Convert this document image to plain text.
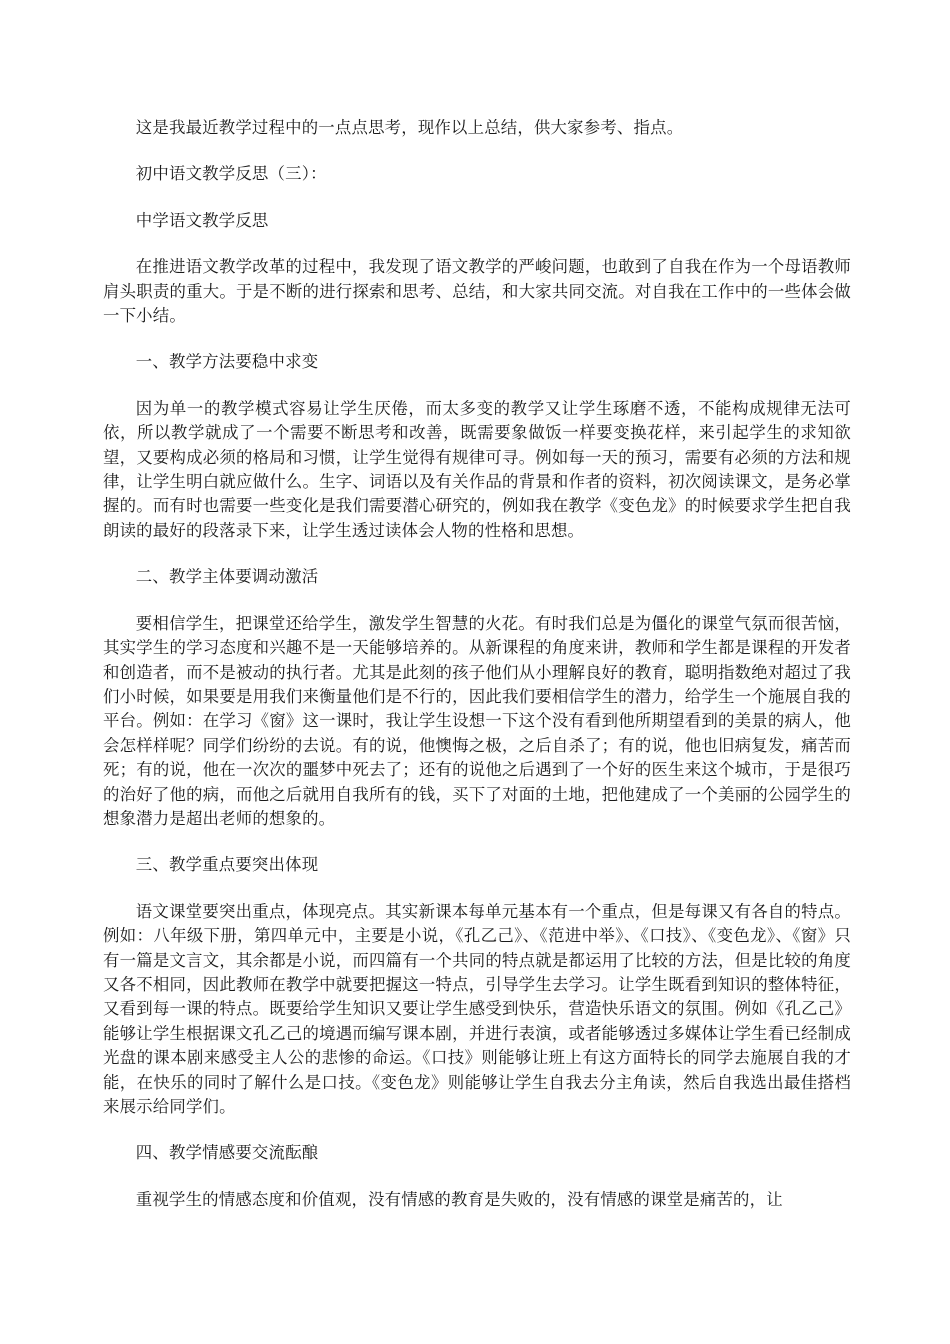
这是我最近教学过程中的一点点思考，现作以上总结，供大家参考、指点。

初中语文教学反思（三）：

中学语文教学反思

在推进语文教学改革的过程中，我发现了语文教学的严峻问题，也敢到了自我在作为一个母语教师肩头职责的重大。于是不断的进行探索和思考、总结，和大家共同交流。对自我在工作中的一些体会做一下小结。

一、教学方法要稳中求变

因为单一的教学模式容易让学生厌倦，而太多变的教学又让学生琢磨不透，不能构成规律无法可依，所以教学就成了一个需要不断思考和改善，既需要象做饭一样要变换花样，来引起学生的求知欲望，又要构成必须的格局和习惯，让学生觉得有规律可寻。例如每一天的预习，需要有必须的方法和规律，让学生明白就应做什么。生字、词语以及有关作品的背景和作者的资料，初次阅读课文，是务必掌握的。而有时也需要一些变化是我们需要潜心研究的，例如我在教学《变色龙》的时候要求学生把自我朗读的最好的段落录下来，让学生透过读体会人物的性格和思想。

二、教学主体要调动激活

要相信学生，把课堂还给学生，激发学生智慧的火花。有时我们总是为僵化的课堂气氛而很苦恼，其实学生的学习态度和兴趣不是一天能够培养的。从新课程的角度来讲，教师和学生都是课程的开发者和创造者，而不是被动的执行者。尤其是此刻的孩子他们从小理解良好的教育，聪明指数绝对超过了我们小时候，如果要是用我们来衡量他们是不行的，因此我们要相信学生的潜力，给学生一个施展自我的平台。例如：在学习《窗》这一课时，我让学生设想一下这个没有看到他所期望看到的美景的病人，他会怎样样呢？同学们纷纷的去说。有的说，他懊悔之极，之后自杀了；有的说，他也旧病复发，痛苦而死；有的说，他在一次次的噩梦中死去了；还有的说他之后遇到了一个好的医生来这个城市，于是很巧的治好了他的病，而他之后就用自我所有的钱，买下了对面的土地，把他建成了一个美丽的公园学生的想象潜力是超出老师的想象的。

三、教学重点要突出体现

语文课堂要突出重点，体现亮点。其实新课本每单元基本有一个重点，但是每课又有各自的特点。例如：八年级下册，第四单元中，主要是小说，《孔乙己》、《范进中举》、《口技》、《变色龙》、《窗》只有一篇是文言文，其余都是小说，而四篇有一个共同的特点就是都运用了比较的方法，但是比较的角度又各不相同，因此教师在教学中就要把握这一特点，引导学生去学习。让学生既看到知识的整体特征，又看到每一课的特点。既要给学生知识又要让学生感受到快乐，营造快乐语文的氛围。例如《孔乙己》能够让学生根据课文孔乙己的境遇而编写课本剧，并进行表演，或者能够透过多媒体让学生看已经制成光盘的课本剧来感受主人公的悲惨的命运。《口技》则能够让班上有这方面特长的同学去施展自我的才能，在快乐的同时了解什么是口技。《变色龙》则能够让学生自我去分主角读，然后自我选出最佳搭档来展示给同学们。

四、教学情感要交流酝酿

重视学生的情感态度和价值观，没有情感的教育是失败的，没有情感的课堂是痛苦的，让
